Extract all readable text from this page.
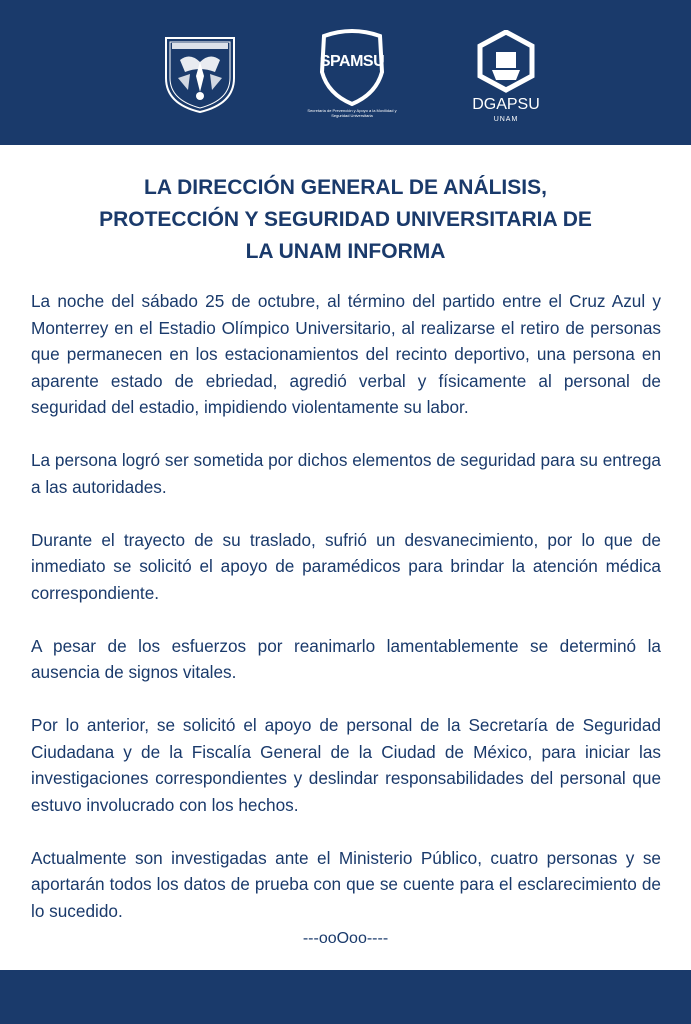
SPAMSU
Secretaría de Prevención y Apoyo a la Movilidad y Seguridad Universitaria
DGAPSU
UNAM
LA DIRECCIÓN GENERAL DE ANÁLISIS,
PROTECCIÓN Y SEGURIDAD UNIVERSITARIA DE
LA UNAM INFORMA

La noche del sábado 25 de octubre, al término del partido entre el Cruz Azul y Monterrey en el Estadio Olímpico Universitario, al realizarse el retiro de personas que permanecen en los estacionamientos del recinto deportivo, una persona en aparente estado de ebriedad, agredió verbal y físicamente al personal de seguridad del estadio, impidiendo violentamente su labor.

La persona logró ser sometida por dichos elementos de seguridad para su entrega a las autoridades.

Durante el trayecto de su traslado, sufrió un desvanecimiento, por lo que de inmediato se solicitó el apoyo de paramédicos para brindar la atención médica correspondiente.

A pesar de los esfuerzos por reanimarlo lamentablemente se determinó la ausencia de signos vitales.

Por lo anterior, se solicitó el apoyo de personal de la Secretaría de Seguridad Ciudadana y de la Fiscalía General de la Ciudad de México, para iniciar las investigaciones correspondientes y deslindar responsabilidades del personal que estuvo involucrado con los hechos.

Actualmente son investigadas ante el Ministerio Público, cuatro personas y se aportarán todos los datos de prueba con que se cuente para el esclarecimiento de lo sucedido.

---ooOoo----
